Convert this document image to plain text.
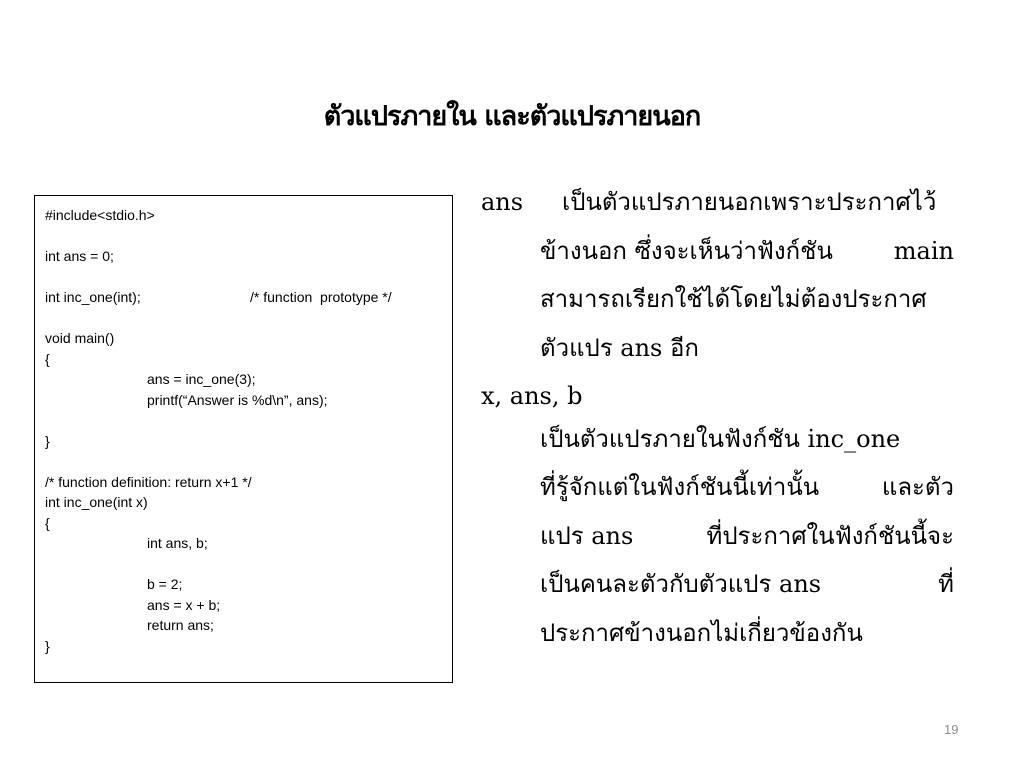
ตัวแปรภายใน และตัวแปรภายนอก
#include<stdio.h>
int ans = 0;
int inc_one(int);	/* function  prototype */
void main()
{
ans = inc_one(3);
printf(“Answer is %d\n”, ans);
}
/* function definition: return x+1 */
int inc_one(int x)
{
int ans, b;
b = 2;
ans = x + b;
return ans;
}
ans เป็นตัวแปรภายนอกเพราะประกาศไว้
ข้างนอก ซึ่งจะเห็นว่าฟังก์ชัน	main
สามารถเรียกใช้ได้โดยไม่ต้องประกาศ
ตัวแปร ans อีก
x, ans, b
เป็นตัวแปรภายในฟังก์ชัน inc_one
ที่รู้จักแต่ในฟังก์ชันนี้เท่านั้น	และตัว
แปร ans	ที่ประกาศในฟังก์ชันนี้จะ
เป็นคนละตัวกับตัวแปร ans	ที่
ประกาศข้างนอกไม่เกี่ยวข้องกัน
19
